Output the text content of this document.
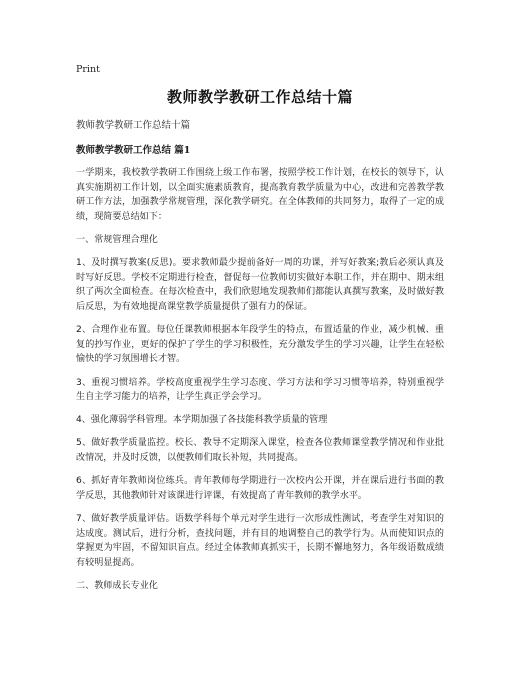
Print
教师教学教研工作总结十篇

教师教学教研工作总结十篇

教师教学教研工作总结 篇1

一学期来，我校教学教研工作围绕上级工作布署，按照学校工作计划，在校长的领导下，认真实施期初工作计划，以全面实施素质教育，提高教育教学质量为中心，改进和完善教学教研工作方法，加强教学常规管理，深化教学研究。在全体教师的共同努力，取得了一定的成绩，现简要总结如下：

一、常规管理合理化

1、及时撰写教案(反思)。要求教师最少提前备好一周的功课，并写好教案;教后必须认真及时写好反思。学校不定期进行检查，督促每一位教师切实做好本职工作，并在期中、期末组织了两次全面检查。在每次检查中，我们欣慰地发现教师们都能认真撰写教案，及时做好教后反思，为有效地提高课堂教学质量提供了强有力的保证。

2、合理作业布置。每位任课教师根据本年段学生的特点，布置适量的作业，减少机械、重复的抄写作业，更好的保护了学生的学习积极性，充分激发学生的学习兴趣，让学生在轻松愉快的学习氛围增长才智。

3、重视习惯培养。学校高度重视学生学习态度、学习方法和学习习惯等培养，特别重视学生自主学习能力的培养，让学生真正学会学习。

4、强化薄弱学科管理。本学期加强了各技能科教学质量的管理

5、做好教学质量监控。校长、教导不定期深入课堂，检查各位教师课堂教学情况和作业批改情况，并及时反馈，以便教师们取长补短，共同提高。

6、抓好青年教师岗位练兵。青年教师每学期进行一次校内公开课，并在课后进行书面的教学反思，其他教师针对该课进行评课，有效提高了青年教师的教学水平。

7、做好教学质量评估。语数学科每个单元对学生进行一次形成性测试，考查学生对知识的达成度。测试后，进行分析，查找问题，并有目的地调整自己的教学行为。从而使知识点的掌握更为牢固，不留知识盲点。经过全体教师真抓实干，长期不懈地努力，各年级语数成绩有较明显提高。

二、教师成长专业化
